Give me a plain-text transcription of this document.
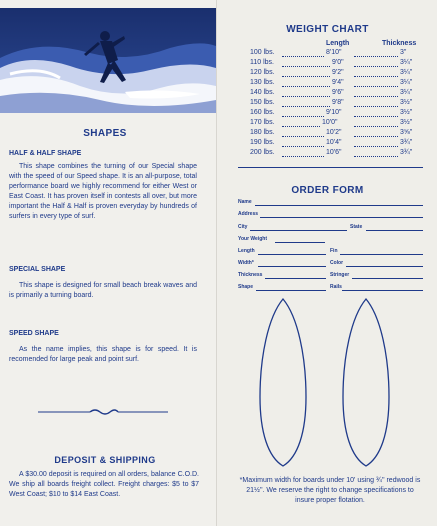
SHAPES
HALF & HALF SHAPE

This shape combines the turning of our Special shape with the speed of our Speed shape. It is an all-purpose, total performance board we highly recommend for either West or East Coast. It has proven itself in contests all over, but more important the Half & Half is proven everyday by hundreds of surfers in every type of surf.

SPECIAL SHAPE

This shape is designed for small beach break waves and is primarily a turning board.

SPEED SHAPE

As the name implies, this shape is for speed. It is recomended for large peak and point surf.

DEPOSIT & SHIPPING

A $30.00 deposit is required on all orders, balance C.O.D. We ship all boards freight collect. Freight charges: $5 to $7 West Coast; $10 to $14 East Coast.

WEIGHT CHART
Length	Thickness
100 lbs.	8'10"	3"
110 lbs.	9'0"	3¼"
120 lbs.	9'2"	3¼"
130 lbs.	9'4"	3¼"
140 lbs.	9'6"	3¼"
150 lbs.	9'8"	3½"
160 lbs.	9'10"	3½"
170 lbs.	10'0"	3½"
180 lbs.	10'2"	3⅝"
190 lbs.	10'4"	3¾"
200 lbs.	10'6"	3¾"
ORDER FORM
Name
Address
City	State
Your Weight
Length	Fin
Width*	Color
Thickness	Stringer
Shape	Rails

*Maximum width for boards under 10' using ¾'' redwood is 21½''. We reserve the right to change specifications to insure proper flotation.
